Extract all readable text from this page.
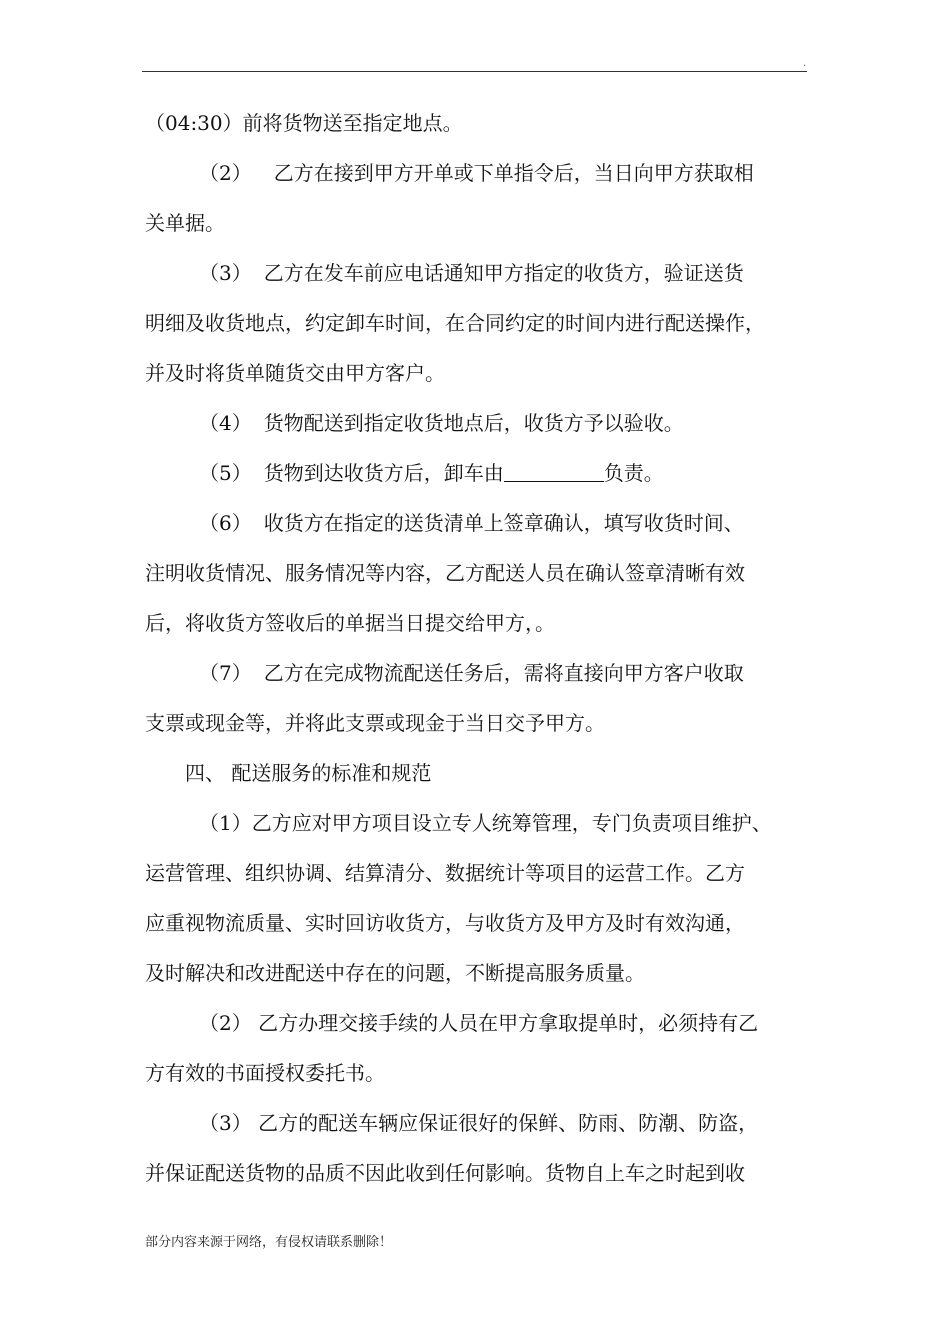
.
（04:30）前将货物送至指定地点。
（2） 乙方在接到甲方开单或下单指令后，当日向甲方获取相
关单据。
（3） 乙方在发车前应电话通知甲方指定的收货方，验证送货
明细及收货地点，约定卸车时间，在合同约定的时间内进行配送操作，
并及时将货单随货交由甲方客户。
（4） 货物配送到指定收货地点后，收货方予以验收。
（5） 货物到达收货方后，卸车由	负责。
（6） 收货方在指定的送货清单上签章确认，填写收货时间、
注明收货情况、服务情况等内容，乙方配送人员在确认签章清晰有效
后，将收货方签收后的单据当日提交给甲方，。
（7） 乙方在完成物流配送任务后，需将直接向甲方客户收取
支票或现金等，并将此支票或现金于当日交予甲方。
四、 配送服务的标准和规范
（1）乙方应对甲方项目设立专人统筹管理，专门负责项目维护、
运营管理、组织协调、结算清分、数据统计等项目的运营工作。乙方
应重视物流质量、实时回访收货方，与收货方及甲方及时有效沟通，
及时解决和改进配送中存在的问题，不断提高服务质量。
（2） 乙方办理交接手续的人员在甲方拿取提单时，必须持有乙
方有效的书面授权委托书。
（3） 乙方的配送车辆应保证很好的保鲜、防雨、防潮、防盗，
并保证配送货物的品质不因此收到任何影响。货物自上车之时起到收
部分内容来源于网络，有侵权请联系删除！
